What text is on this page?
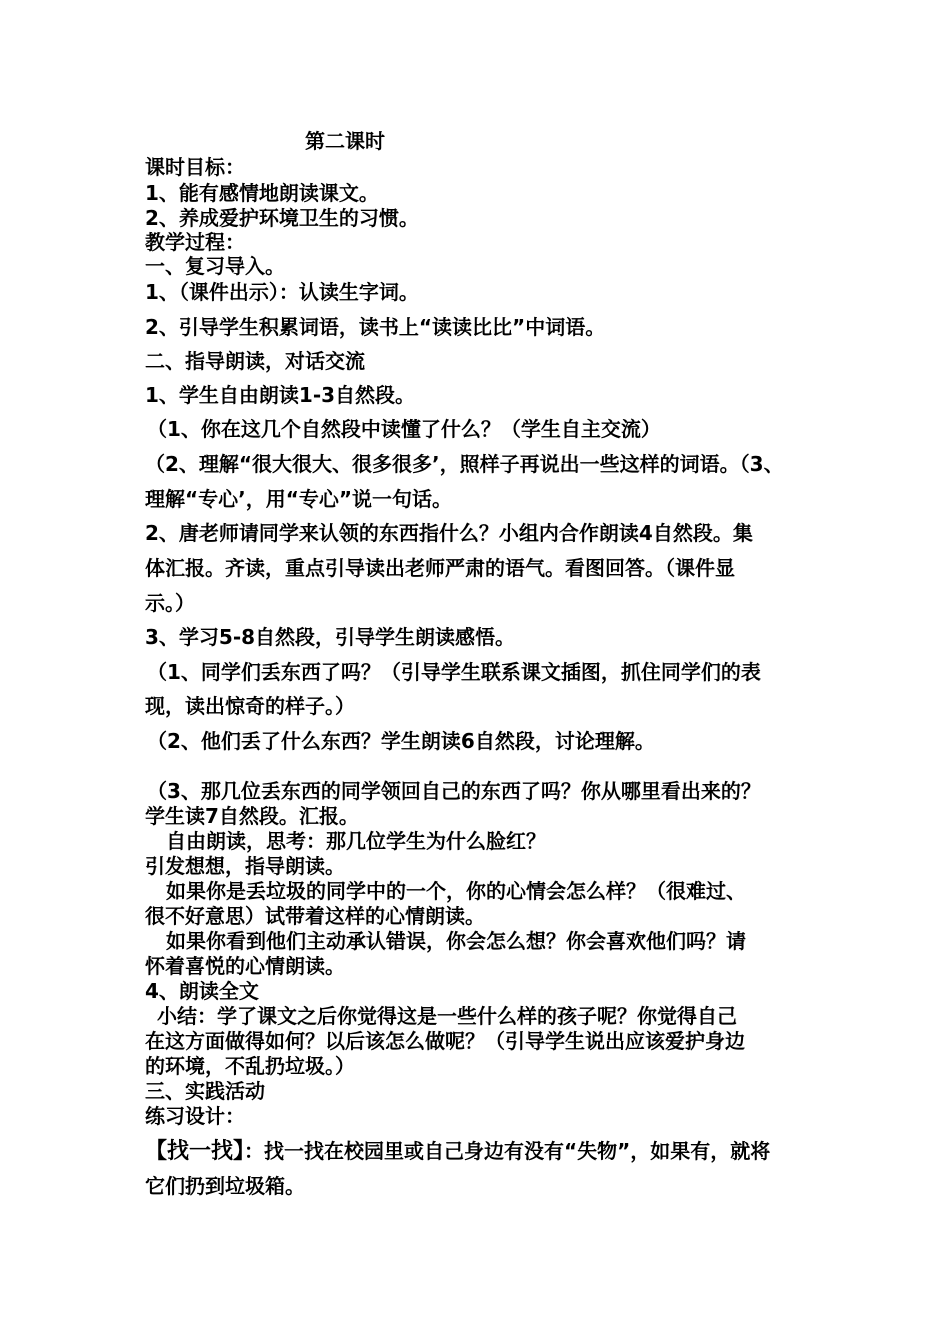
第二课时
课时目标：
1、能有感情地朗读课文。
2、养成爱护环境卫生的习惯。
教学过程：
一、复习导入。
1、（课件出示）：认读生字词。
2、引导学生积累词语，读书上“读读比比”中词语。
二、指导朗读，对话交流
1、学生自由朗读1-3自然段。
（1、你在这几个自然段中读懂了什么？（学生自主交流）
（2、理解“很大很大、很多很多’，照样子再说出一些这样的词语。（3、
理解“专心’，用“专心”说一句话。
2、唐老师请同学来认领的东西指什么？小组内合作朗读4自然段。集
体汇报。齐读，重点引导读出老师严肃的语气。看图回答。（课件显
示。）
3、学习5-8自然段，引导学生朗读感悟。
（1、同学们丢东西了吗？（引导学生联系课文插图，抓住同学们的表
现，读出惊奇的样子。）
（2、他们丢了什么东西？学生朗读6自然段，讨论理解。
（3、那几位丢东西的同学领回自己的东西了吗？你从哪里看出来的？
学生读7自然段。汇报。
自由朗读，思考：那几位学生为什么脸红？
引发想想，指导朗读。
如果你是丢垃圾的同学中的一个，你的心情会怎么样？（很难过、
很不好意思）试带着这样的心情朗读。
如果你看到他们主动承认错误，你会怎么想？你会喜欢他们吗？请
怀着喜悦的心情朗读。
4、朗读全文
小结：学了课文之后你觉得这是一些什么样的孩子呢？你觉得自己
在这方面做得如何？以后该怎么做呢？（引导学生说出应该爱护身边
的环境，不乱扔垃圾。）
三、实践活动
练习设计：
【找一找】：找一找在校园里或自己身边有没有“失物”，如果有，就将
它们扔到垃圾箱。
